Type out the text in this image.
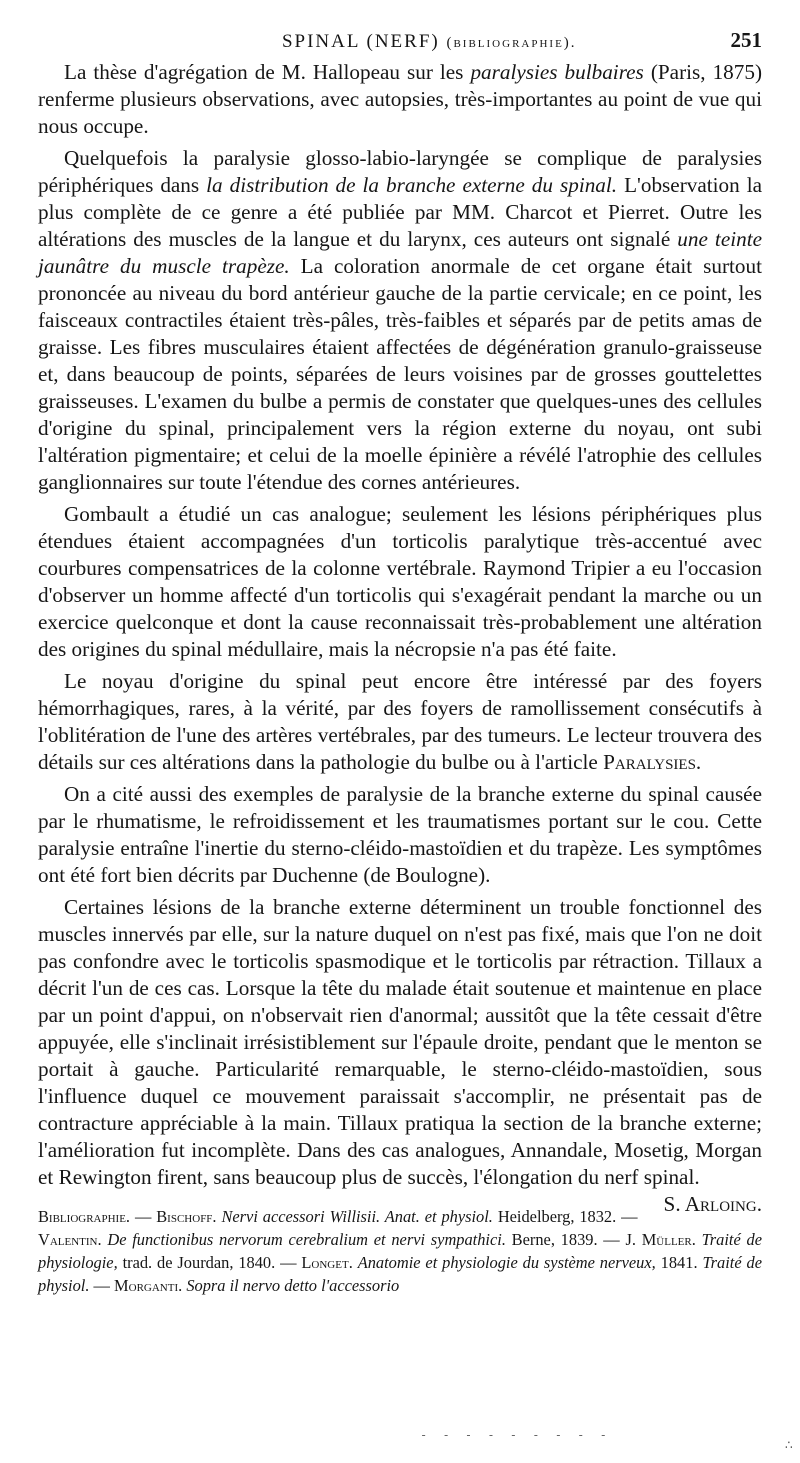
SPINAL (NERF) (bibliographie).	251

La thèse d'agrégation de M. Hallopeau sur les paralysies bulbaires (Paris, 1875) renferme plusieurs observations, avec autopsies, très-importantes au point de vue qui nous occupe.

Quelquefois la paralysie glosso-labio-laryngée se complique de paralysies périphériques dans la distribution de la branche externe du spinal. L'observation la plus complète de ce genre a été publiée par MM. Charcot et Pierret. Outre les altérations des muscles de la langue et du larynx, ces auteurs ont signalé une teinte jaunâtre du muscle trapèze. La coloration anormale de cet organe était surtout prononcée au niveau du bord antérieur gauche de la partie cervicale; en ce point, les faisceaux contractiles étaient très-pâles, très-faibles et séparés par de petits amas de graisse. Les fibres musculaires étaient affectées de dégénération granulo-graisseuse et, dans beaucoup de points, séparées de leurs voisines par de grosses gouttelettes graisseuses. L'examen du bulbe a permis de constater que quelques-unes des cellules d'origine du spinal, principalement vers la région externe du noyau, ont subi l'altération pigmentaire; et celui de la moelle épinière a révélé l'atrophie des cellules ganglionnaires sur toute l'étendue des cornes antérieures.

Gombault a étudié un cas analogue; seulement les lésions périphériques plus étendues étaient accompagnées d'un torticolis paralytique très-accentué avec courbures compensatrices de la colonne vertébrale. Raymond Tripier a eu l'occasion d'observer un homme affecté d'un torticolis qui s'exagérait pendant la marche ou un exercice quelconque et dont la cause reconnaissait très-probablement une altération des origines du spinal médullaire, mais la nécropsie n'a pas été faite.

Le noyau d'origine du spinal peut encore être intéressé par des foyers hémorrhagiques, rares, à la vérité, par des foyers de ramollissement consécutifs à l'oblitération de l'une des artères vertébrales, par des tumeurs. Le lecteur trouvera des détails sur ces altérations dans la pathologie du bulbe ou à l'article Paralysies.

On a cité aussi des exemples de paralysie de la branche externe du spinal causée par le rhumatisme, le refroidissement et les traumatismes portant sur le cou. Cette paralysie entraîne l'inertie du sterno-cléido-mastoïdien et du trapèze. Les symptômes ont été fort bien décrits par Duchenne (de Boulogne).

Certaines lésions de la branche externe déterminent un trouble fonctionnel des muscles innervés par elle, sur la nature duquel on n'est pas fixé, mais que l'on ne doit pas confondre avec le torticolis spasmodique et le torticolis par rétraction. Tillaux a décrit l'un de ces cas. Lorsque la tête du malade était soutenue et maintenue en place par un point d'appui, on n'observait rien d'anormal; aussitôt que la tête cessait d'être appuyée, elle s'inclinait irrésistiblement sur l'épaule droite, pendant que le menton se portait à gauche. Particularité remarquable, le sterno-cléido-mastoïdien, sous l'influence duquel ce mouvement paraissait s'accomplir, ne présentait pas de contracture appréciable à la main. Tillaux pratiqua la section de la branche externe; l'amélioration fut incomplète. Dans des cas analogues, Annandale, Mosetig, Morgan et Rewington firent, sans beaucoup plus de succès, l'élongation du nerf spinal.
S. Arloing.

Bibliographie. — Bischoff. Nervi accessori Willisii. Anat. et physiol. Heidelberg, 1832. — Valentin. De functionibus nervorum cerebralium et nervi sympathici. Berne, 1839. — J. Müller. Traité de physiologie, trad. de Jourdan, 1840. — Longet. Anatomie et physiologie du système nerveux, 1841. Traité de physiol. — Morganti. Sopra il nervo detto l'accessorio
- - - - - - - - -
∴
